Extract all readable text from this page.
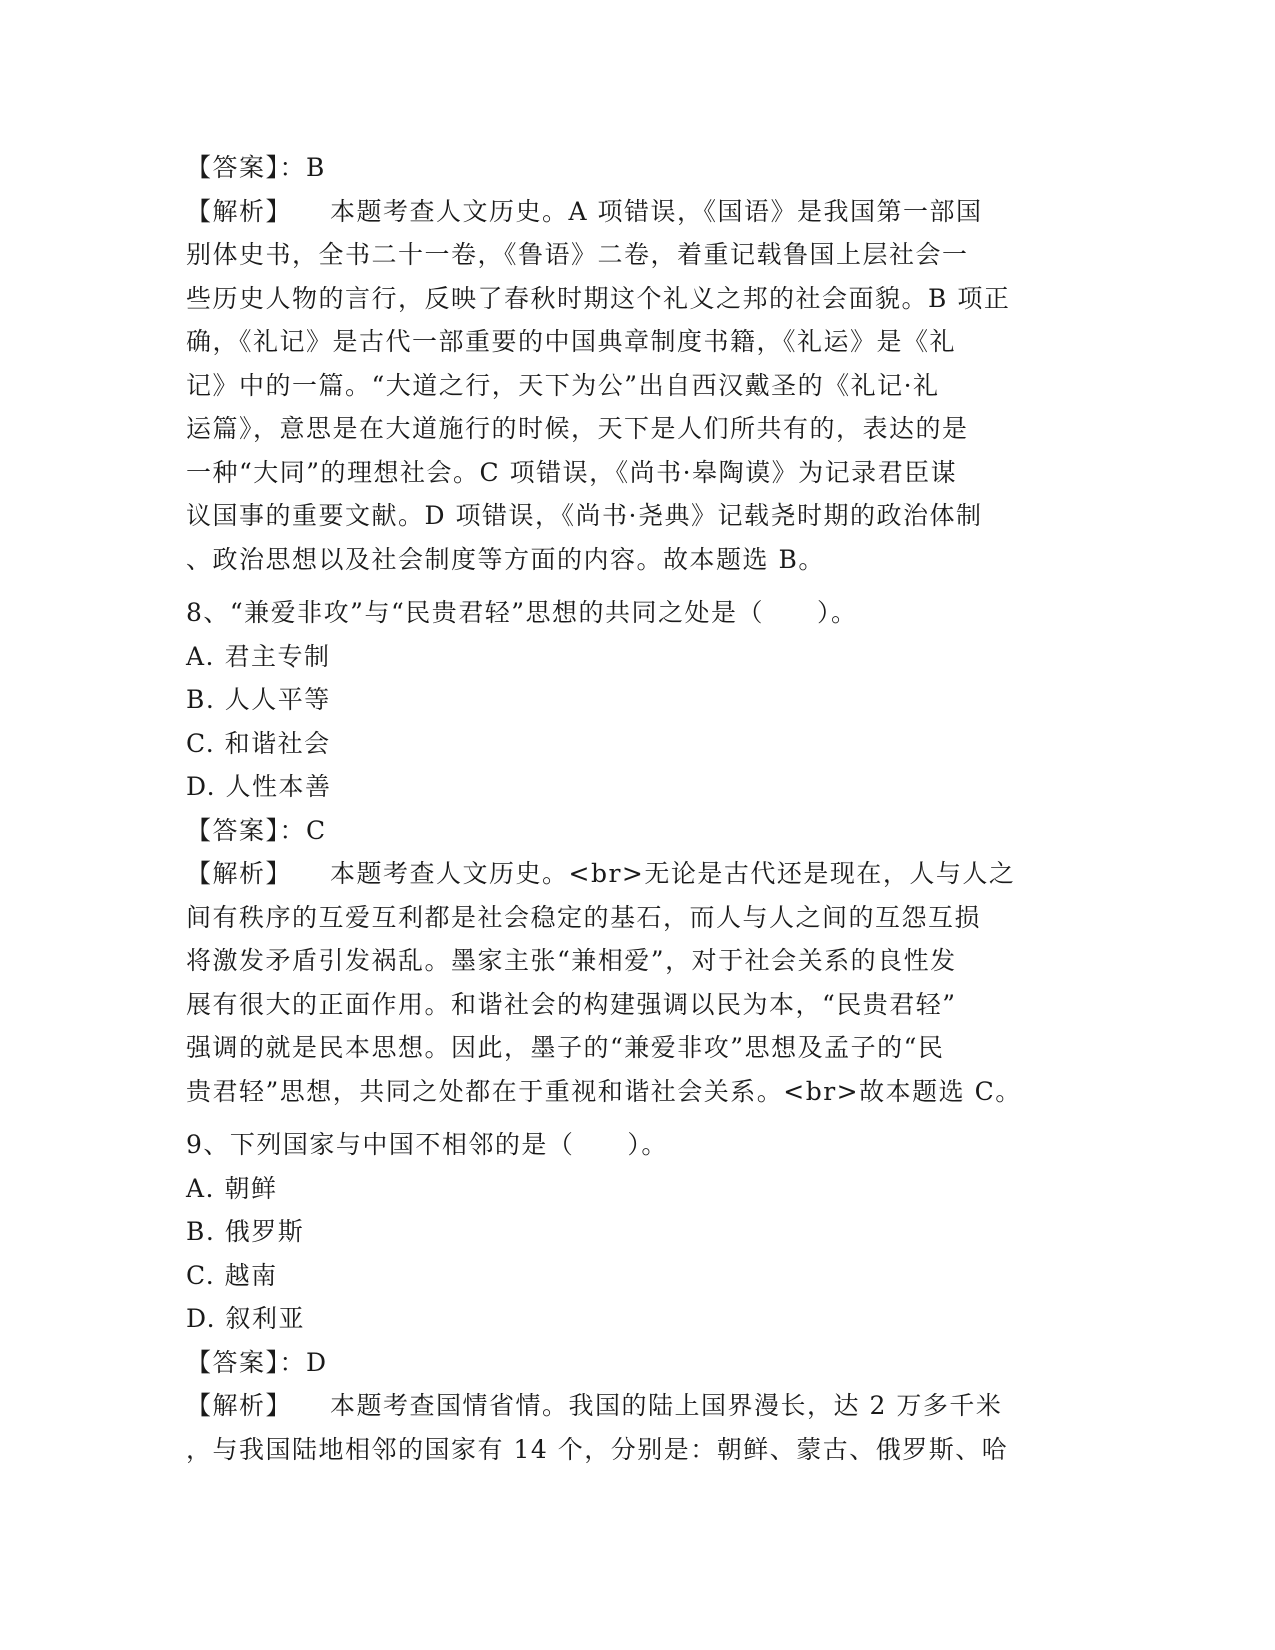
【答案】：B
【解析】 本题考查人文历史。A 项错误，《国语》是我国第一部国
别体史书，全书二十一卷，《鲁语》二卷，着重记载鲁国上层社会一
些历史人物的言行，反映了春秋时期这个礼义之邦的社会面貌。B 项正
确，《礼记》是古代一部重要的中国典章制度书籍，《礼运》是《礼
记》中的一篇。“大道之行，天下为公”出自西汉戴圣的《礼记·礼
运篇》，意思是在大道施行的时候，天下是人们所共有的，表达的是
一种“大同”的理想社会。C 项错误，《尚书·皋陶谟》为记录君臣谋
议国事的重要文献。D 项错误，《尚书·尧典》记载尧时期的政治体制
、政治思想以及社会制度等方面的内容。故本题选 B。
8、“兼爱非攻”与“民贵君轻”思想的共同之处是（　　）。
A. 君主专制
B. 人人平等
C. 和谐社会
D. 人性本善
【答案】：C
【解析】 本题考查人文历史。<br>无论是古代还是现在，人与人之
间有秩序的互爱互利都是社会稳定的基石，而人与人之间的互怨互损
将激发矛盾引发祸乱。墨家主张“兼相爱”，对于社会关系的良性发
展有很大的正面作用。和谐社会的构建强调以民为本，“民贵君轻”
强调的就是民本思想。因此，墨子的“兼爱非攻”思想及孟子的“民
贵君轻”思想，共同之处都在于重视和谐社会关系。<br>故本题选 C。
9、下列国家与中国不相邻的是（　　）。
A. 朝鲜
B. 俄罗斯
C. 越南
D. 叙利亚
【答案】：D
【解析】 本题考查国情省情。我国的陆上国界漫长，达 2 万多千米
，与我国陆地相邻的国家有 14 个，分别是：朝鲜、蒙古、俄罗斯、哈
